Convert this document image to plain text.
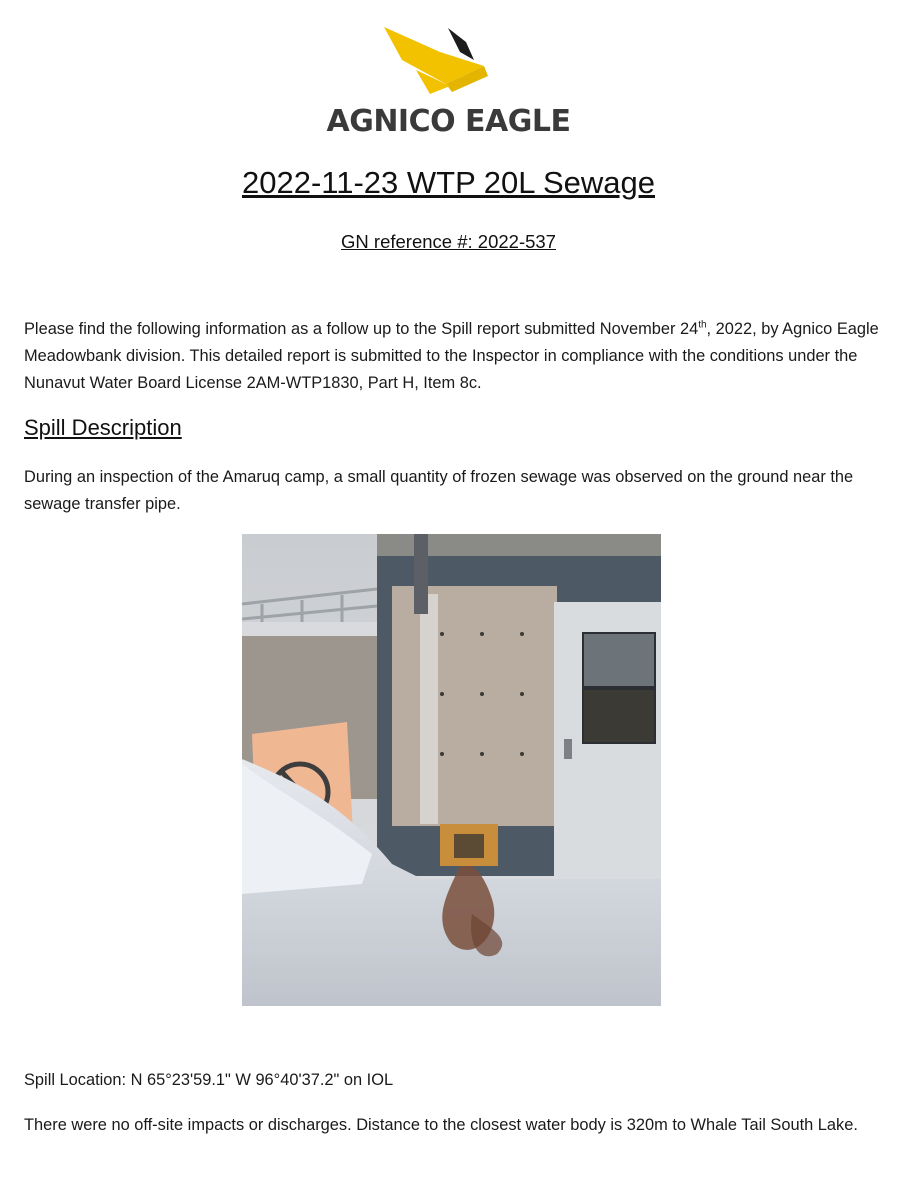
AGNICO EAGLE
2022-11-23 WTP 20L Sewage
GN reference #: 2022-537
Please find the following information as a follow up to the Spill report submitted November 24th, 2022, by Agnico Eagle Meadowbank division. This detailed report is submitted to the Inspector in compliance with the conditions under the Nunavut Water Board License 2AM-WTP1830, Part H, Item 8c.
Spill Description
During an inspection of the Amaruq camp, a small quantity of frozen sewage was observed on the ground near the sewage transfer pipe.
Spill Location: N 65°23'59.1" W 96°40'37.2" on IOL
There were no off-site impacts or discharges. Distance to the closest water body is 320m to Whale Tail South Lake.
